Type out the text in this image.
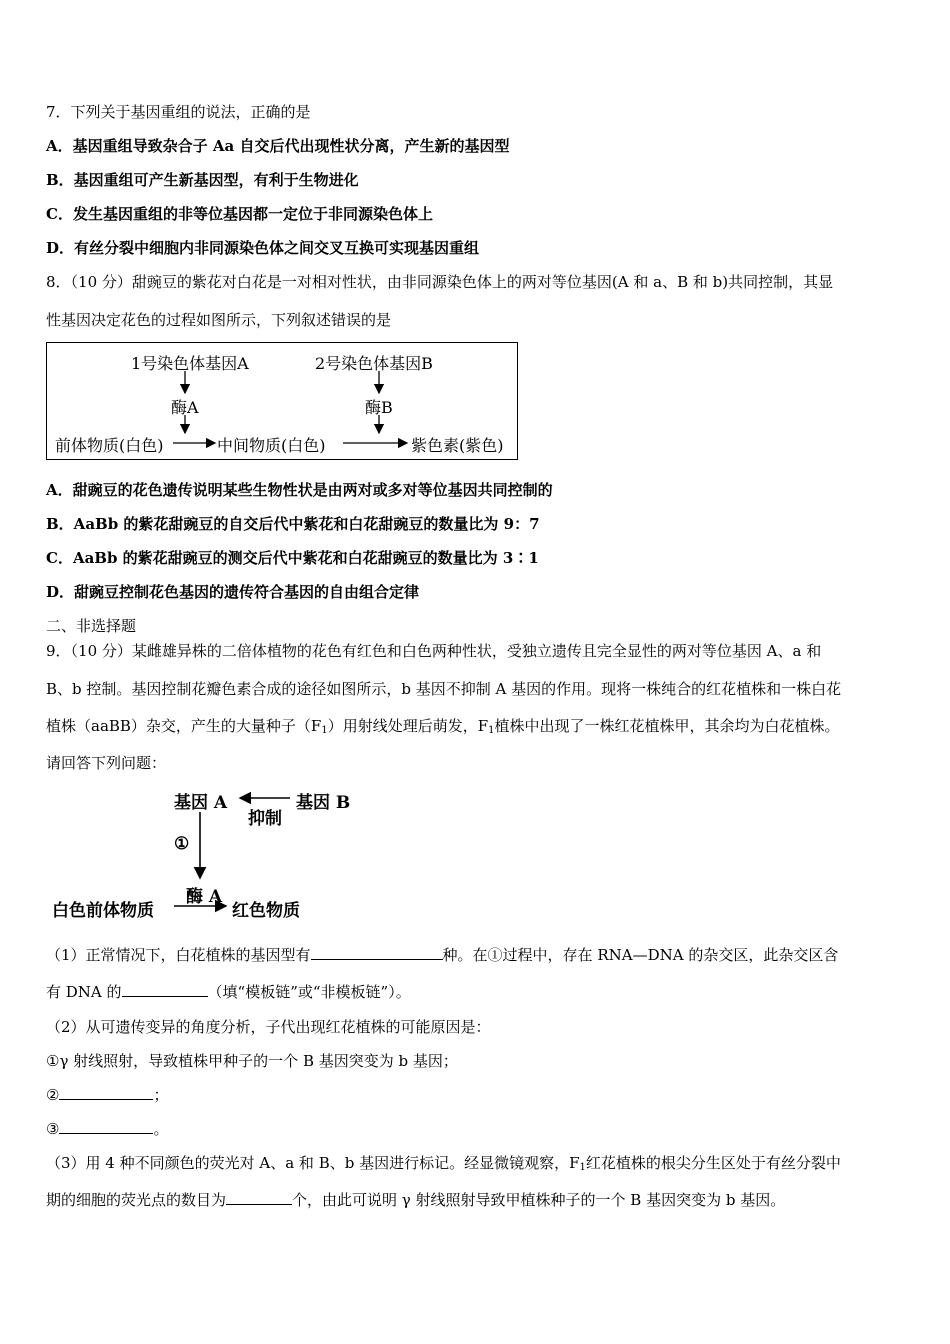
7．下列关于基因重组的说法，正确的是
A．基因重组导致杂合子 Aa 自交后代出现性状分离，产生新的基因型
B．基因重组可产生新基因型，有利于生物进化
C．发生基因重组的非等位基因都一定位于非同源染色体上
D．有丝分裂中细胞内非同源染色体之间交叉互换可实现基因重组
8．（10 分）甜豌豆的紫花对白花是一对相对性状，由非同源染色体上的两对等位基因(A 和 a、B 和 b)共同控制，其显
性基因决定花色的过程如图所示，下列叙述错误的是
1号染色体基因A	2号染色体基因B
酶A	酶B
前体物质(白色)	中间物质(白色)	紫色素(紫色)
A．甜豌豆的花色遗传说明某些生物性状是由两对或多对等位基因共同控制的
B．AaBb 的紫花甜豌豆的自交后代中紫花和白花甜豌豆的数量比为 9：7
C．AaBb 的紫花甜豌豆的测交后代中紫花和白花甜豌豆的数量比为 3∶1
D．甜豌豆控制花色基因的遗传符合基因的自由组合定律
二、非选择题
9．（10 分）某雌雄异株的二倍体植物的花色有红色和白色两种性状，受独立遗传且完全显性的两对等位基因 A、a 和
B、b 控制。基因控制花瓣色素合成的途径如图所示，b 基因不抑制 A 基因的作用。现将一株纯合的红花植株和一株白花
植株（aaBB）杂交，产生的大量种子$(F_1)$用射线处理后萌发，$F_1$植株中出现了一株红花植株甲，其余均为白花植株。
请回答下列问题：
基因 A	基因 B
抑制
①
酶 A
白色前体物质	红色物质
（1）正常情况下，白花植株的基因型有	种。在①过程中，存在 RNA—DNA 的杂交区，此杂交区含
有 DNA 的	（填“模板链”或“非模板链”）。
（2）从可遗传变异的角度分析，子代出现红花植株的可能原因是：
①γ 射线照射，导致植株甲种子的一个 B 基因突变为 b 基因；
②	；
③	。
（3）用 4 种不同颜色的荧光对 A、a 和 B、b 基因进行标记。经显微镜观察，$F_1$红花植株的根尖分生区处于有丝分裂中
期的细胞的荧光点的数目为	个，由此可说明 γ 射线照射导致甲植株种子的一个 B 基因突变为 b 基因。
